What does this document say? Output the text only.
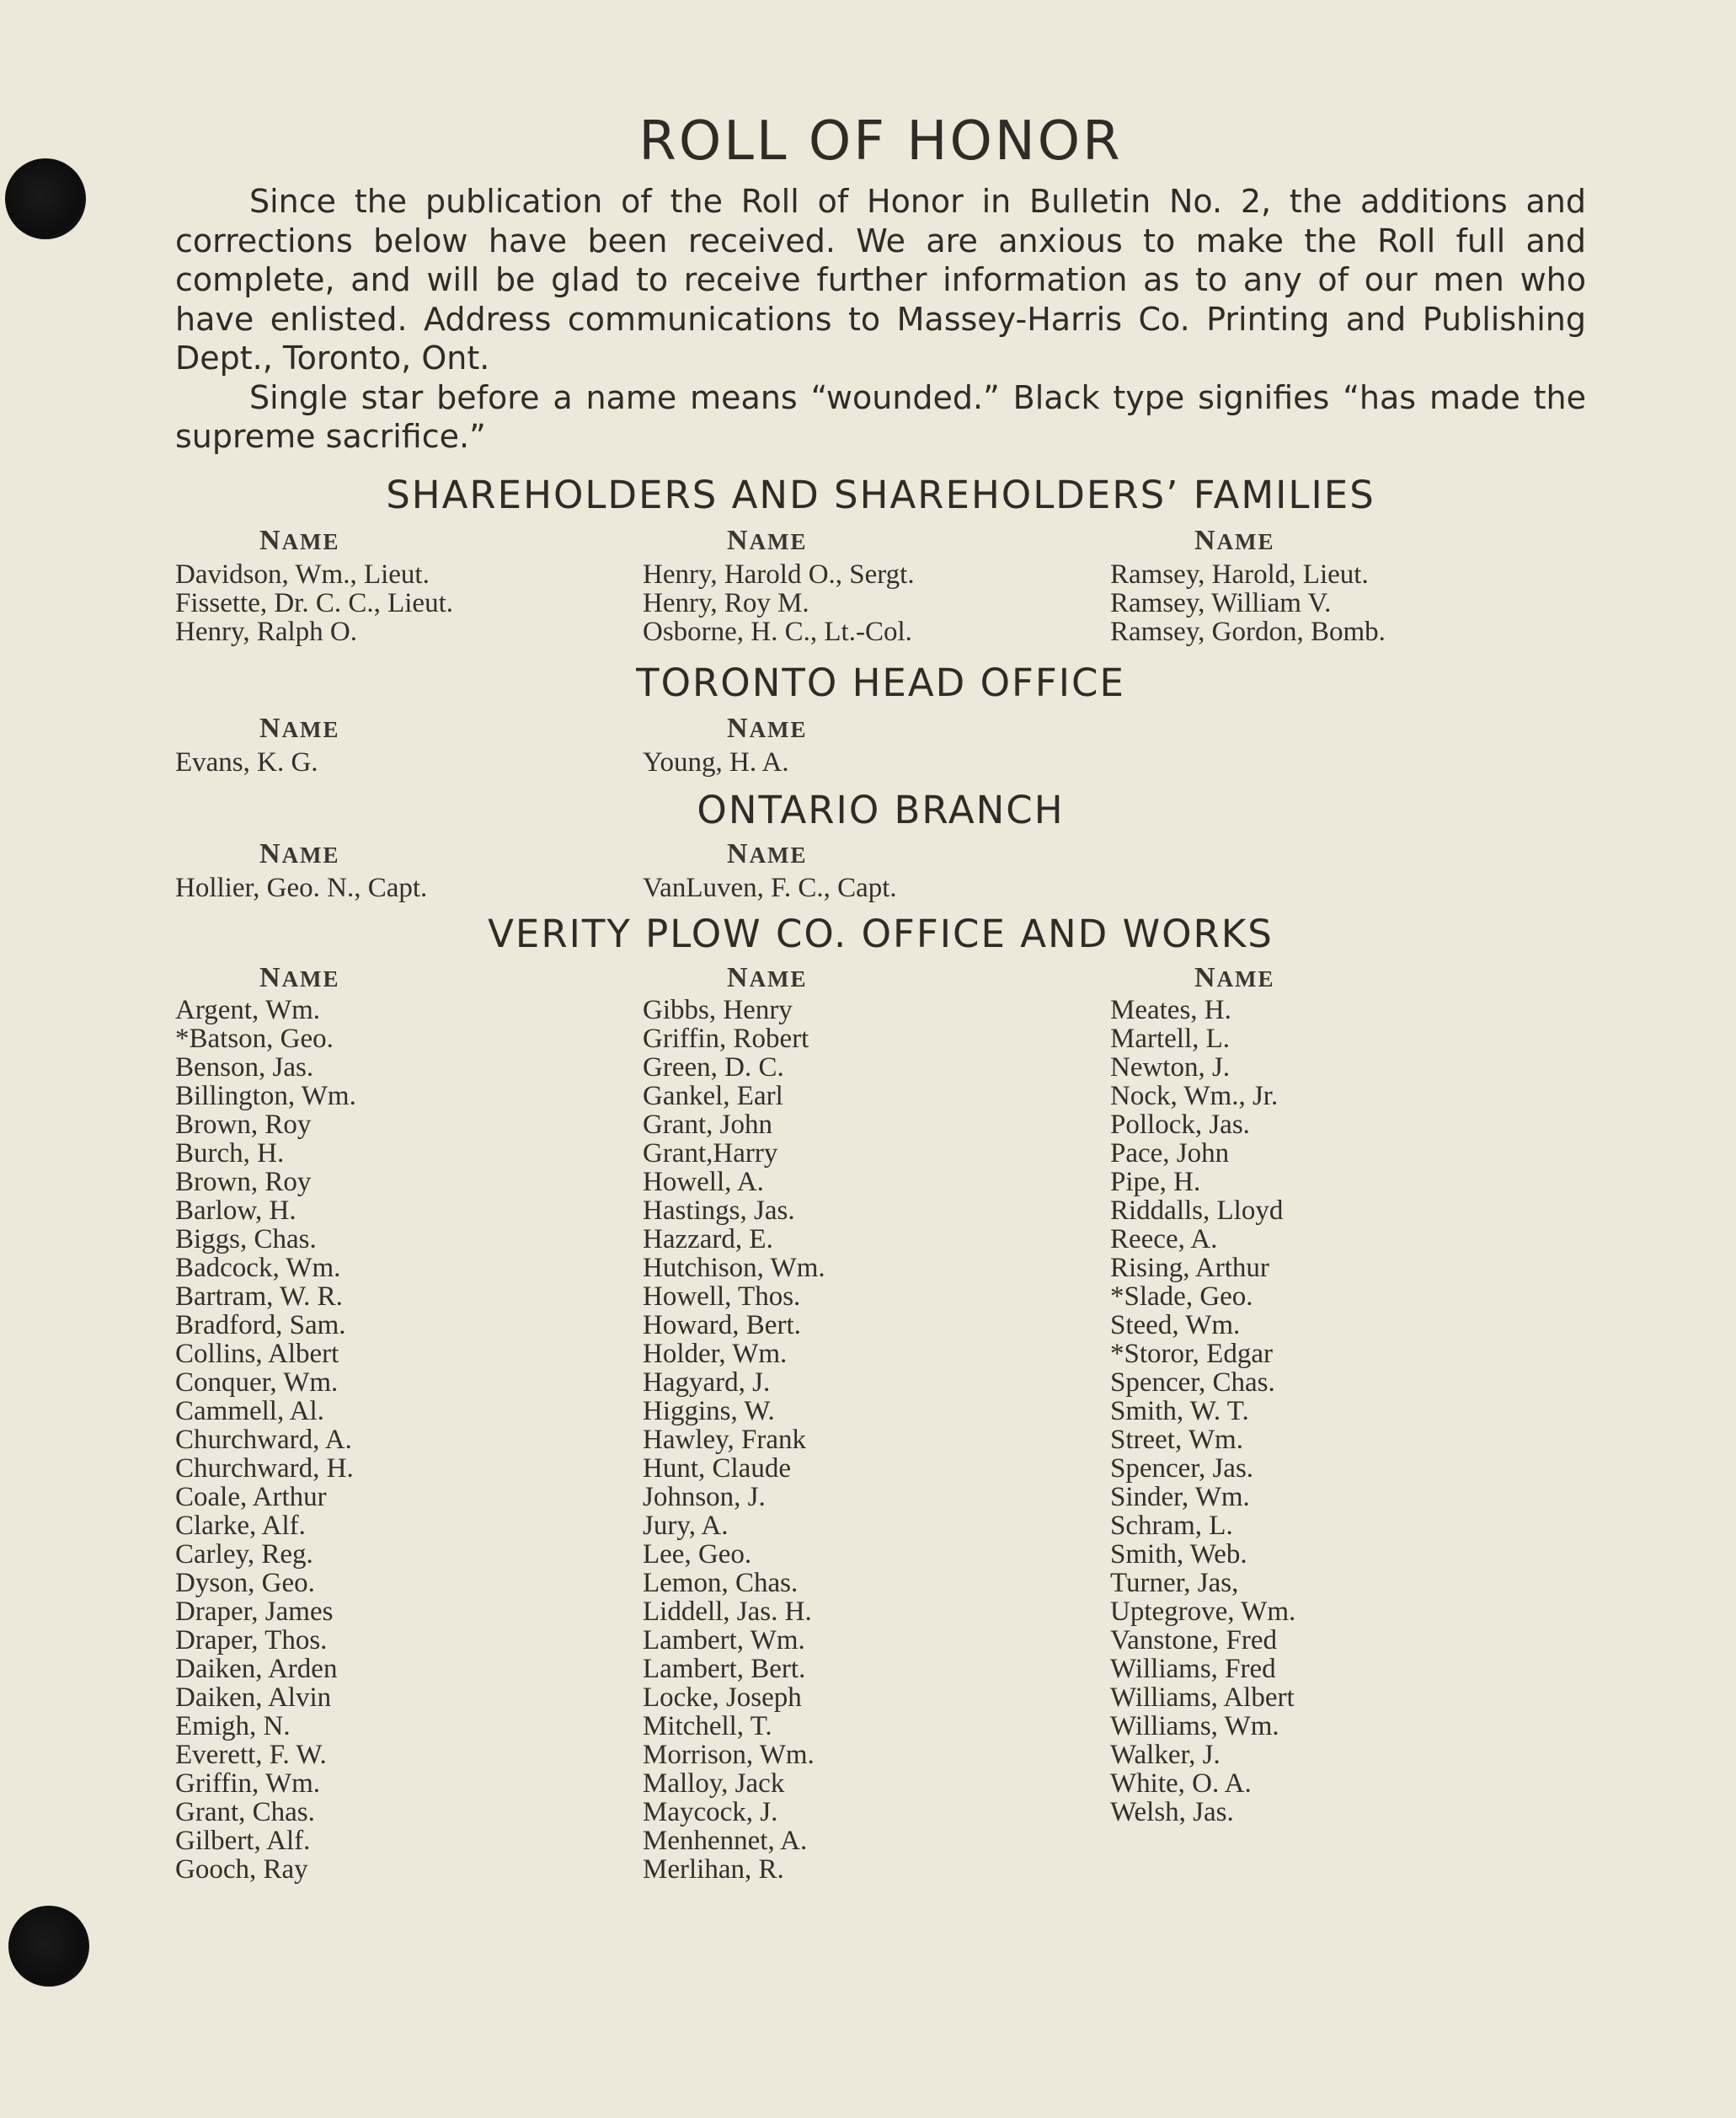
ROLL OF HONOR

Since the publication of the Roll of Honor in Bulletin No. 2, the additions and corrections below have been received. We are anxious to make the Roll full and complete, and will be glad to receive further information as to any of our men who have enlisted. Address communications to Massey-Harris Co. Printing and Publishing Dept., Toronto, Ont.

Single star before a name means “wounded.” Black type signifies “has made the supreme sacrifice.”

SHAREHOLDERS AND SHAREHOLDERS’ FAMILIES
NAME
Davidson, Wm., Lieut.
Fissette, Dr. C. C., Lieut.
Henry, Ralph O.
NAME
Henry, Harold O., Sergt.
Henry, Roy M.
Osborne, H. C., Lt.-Col.
NAME
Ramsey, Harold, Lieut.
Ramsey, William V.
Ramsey, Gordon, Bomb.
TORONTO HEAD OFFICE
NAME
Evans, K. G.
NAME
Young, H. A.
ONTARIO BRANCH
NAME
Hollier, Geo. N., Capt.
NAME
VanLuven, F. C., Capt.
VERITY PLOW CO. OFFICE AND WORKS
NAME
Argent, Wm.
*Batson, Geo.
Benson, Jas.
Billington, Wm.
Brown, Roy
Burch, H.
Brown, Roy
Barlow, H.
Biggs, Chas.
Badcock, Wm.
Bartram, W. R.
Bradford, Sam.
Collins, Albert
Conquer, Wm.
Cammell, Al.
Churchward, A.
Churchward, H.
Coale, Arthur
Clarke, Alf.
Carley, Reg.
Dyson, Geo.
Draper, James
Draper, Thos.
Daiken, Arden
Daiken, Alvin
Emigh, N.
Everett, F. W.
Griffin, Wm.
Grant, Chas.
Gilbert, Alf.
Gooch, Ray
NAME
Gibbs, Henry
Griffin, Robert
Green, D. C.
Gankel, Earl
Grant, John
Grant,Harry
Howell, A.
Hastings, Jas.
Hazzard, E.
Hutchison, Wm.
Howell, Thos.
Howard, Bert.
Holder, Wm.
Hagyard, J.
Higgins, W.
Hawley, Frank
Hunt, Claude
Johnson, J.
Jury, A.
Lee, Geo.
Lemon, Chas.
Liddell, Jas. H.
Lambert, Wm.
Lambert, Bert.
Locke, Joseph
Mitchell, T.
Morrison, Wm.
Malloy, Jack
Maycock, J.
Menhennet, A.
Merlihan, R.
NAME
Meates, H.
Martell, L.
Newton, J.
Nock, Wm., Jr.
Pollock, Jas.
Pace, John
Pipe, H.
Riddalls, Lloyd
Reece, A.
Rising, Arthur
*Slade, Geo.
Steed, Wm.
*Storor, Edgar
Spencer, Chas.
Smith, W. T.
Street, Wm.
Spencer, Jas.
Sinder, Wm.
Schram, L.
Smith, Web.
Turner, Jas,
Uptegrove, Wm.
Vanstone, Fred
Williams, Fred
Williams, Albert
Williams, Wm.
Walker, J.
White, O. A.
Welsh, Jas.
